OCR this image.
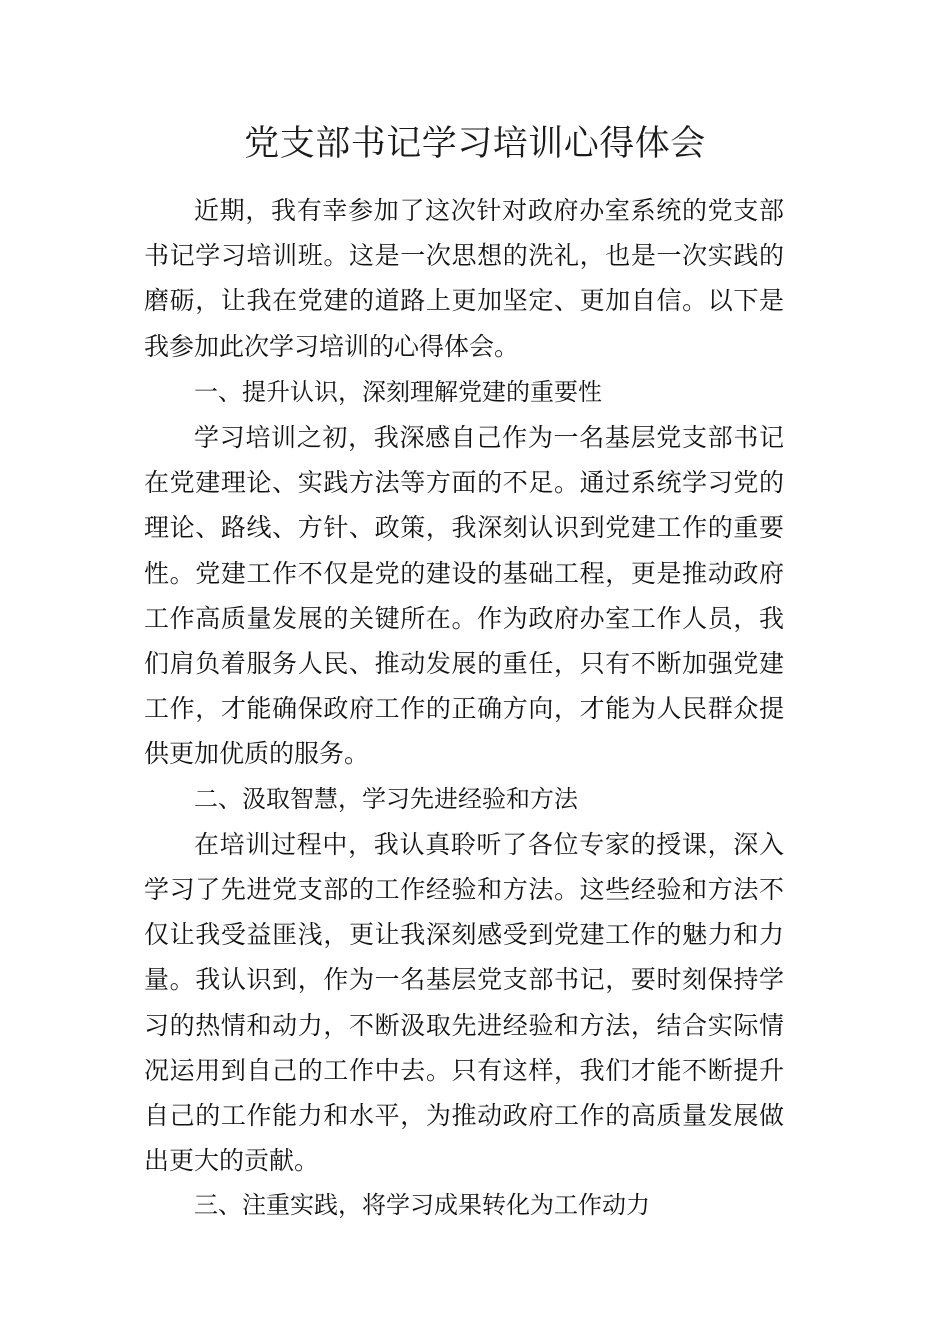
党支部书记学习培训心得体会

近期，我有幸参加了这次针对政府办室系统的党支部书记学习培训班。这是一次思想的洗礼，也是一次实践的磨砺，让我在党建的道路上更加坚定、更加自信。以下是我参加此次学习培训的心得体会。

一、提升认识，深刻理解党建的重要性

学习培训之初，我深感自己作为一名基层党支部书记在党建理论、实践方法等方面的不足。通过系统学习党的理论、路线、方针、政策，我深刻认识到党建工作的重要性。党建工作不仅是党的建设的基础工程，更是推动政府工作高质量发展的关键所在。作为政府办室工作人员，我们肩负着服务人民、推动发展的重任，只有不断加强党建工作，才能确保政府工作的正确方向，才能为人民群众提供更加优质的服务。

二、汲取智慧，学习先进经验和方法

在培训过程中，我认真聆听了各位专家的授课，深入学习了先进党支部的工作经验和方法。这些经验和方法不仅让我受益匪浅，更让我深刻感受到党建工作的魅力和力量。我认识到，作为一名基层党支部书记，要时刻保持学习的热情和动力，不断汲取先进经验和方法，结合实际情况运用到自己的工作中去。只有这样，我们才能不断提升自己的工作能力和水平，为推动政府工作的高质量发展做出更大的贡献。

三、注重实践，将学习成果转化为工作动力
